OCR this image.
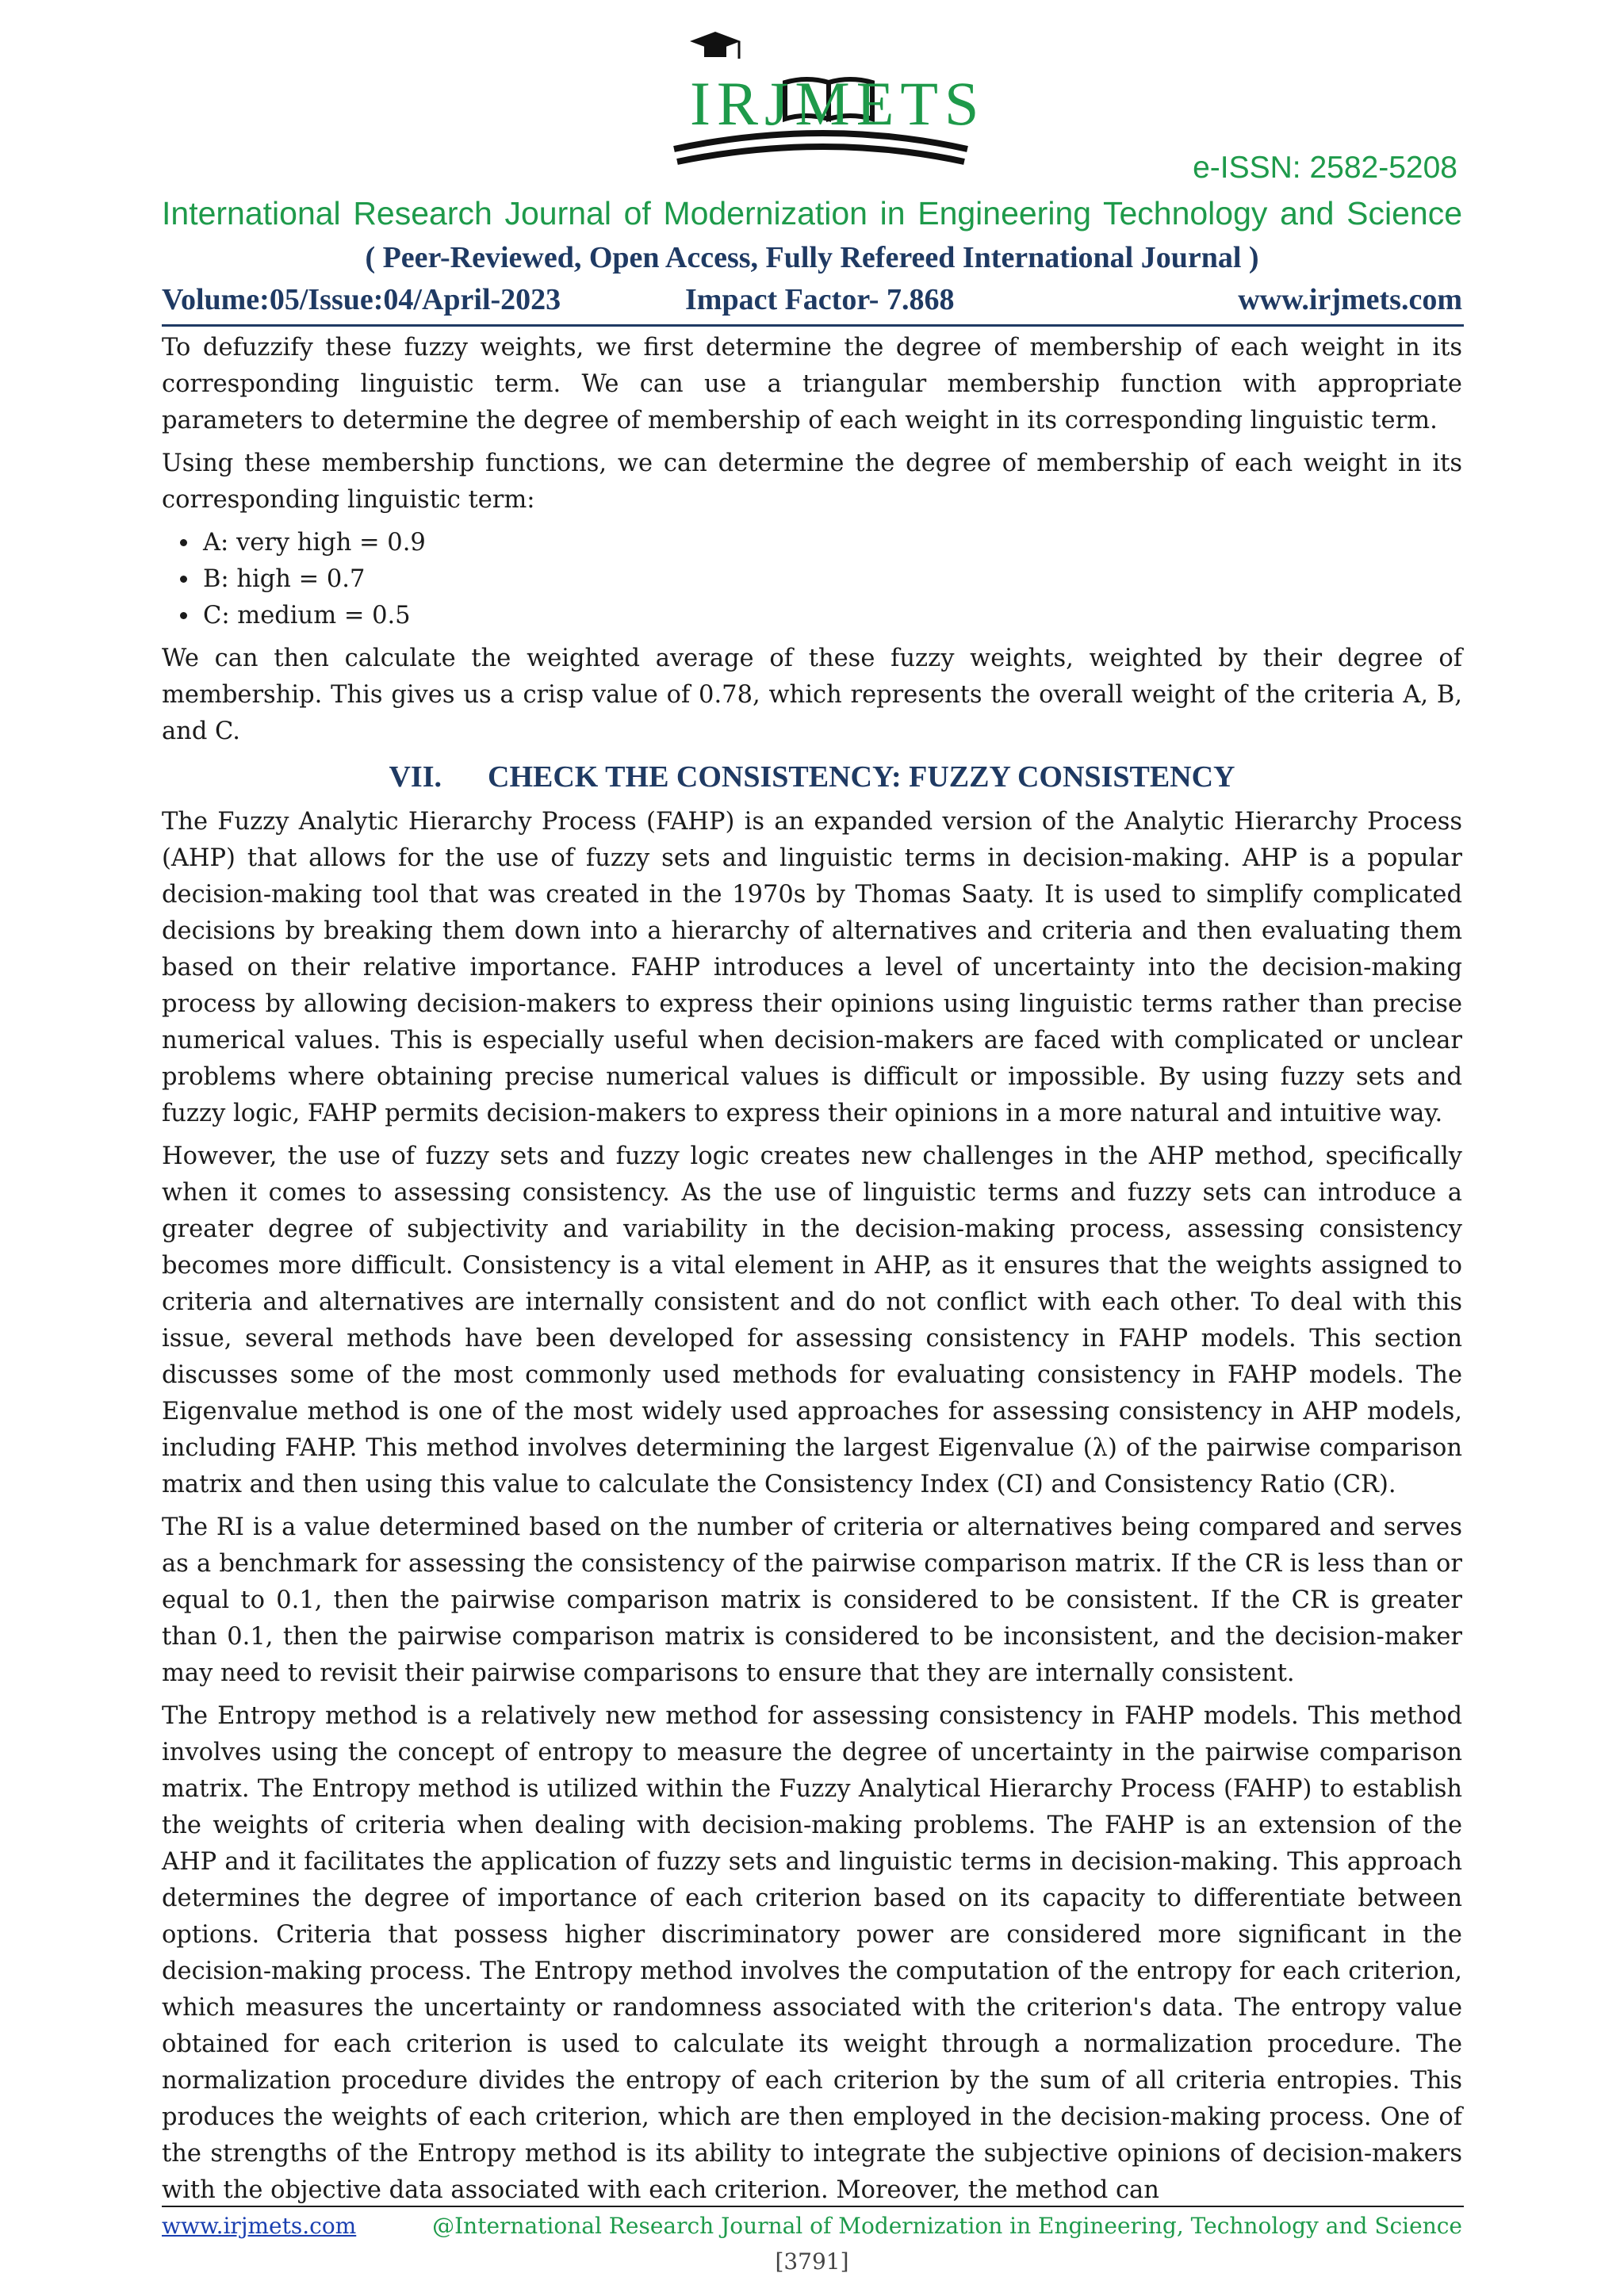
IRJMETS
e-ISSN: 2582-5208
International Research Journal of Modernization in Engineering Technology and Science
( Peer-Reviewed, Open Access, Fully Refereed International Journal )
Volume:05/Issue:04/April-2023	Impact Factor- 7.868	www.irjmets.com

To defuzzify these fuzzy weights, we first determine the degree of membership of each weight in its corresponding linguistic term. We can use a triangular membership function with appropriate parameters to determine the degree of membership of each weight in its corresponding linguistic term.

Using these membership functions, we can determine the degree of membership of each weight in its corresponding linguistic term:

• A: very high = 0.9
• B: high = 0.7
• C: medium = 0.5

We can then calculate the weighted average of these fuzzy weights, weighted by their degree of membership. This gives us a crisp value of 0.78, which represents the overall weight of the criteria A, B, and C.

VII. CHECK THE CONSISTENCY: FUZZY CONSISTENCY

The Fuzzy Analytic Hierarchy Process (FAHP) is an expanded version of the Analytic Hierarchy Process (AHP) that allows for the use of fuzzy sets and linguistic terms in decision-making. AHP is a popular decision-making tool that was created in the 1970s by Thomas Saaty. It is used to simplify complicated decisions by breaking them down into a hierarchy of alternatives and criteria and then evaluating them based on their relative importance. FAHP introduces a level of uncertainty into the decision-making process by allowing decision-makers to express their opinions using linguistic terms rather than precise numerical values. This is especially useful when decision-makers are faced with complicated or unclear problems where obtaining precise numerical values is difficult or impossible. By using fuzzy sets and fuzzy logic, FAHP permits decision-makers to express their opinions in a more natural and intuitive way.

However, the use of fuzzy sets and fuzzy logic creates new challenges in the AHP method, specifically when it comes to assessing consistency. As the use of linguistic terms and fuzzy sets can introduce a greater degree of subjectivity and variability in the decision-making process, assessing consistency becomes more difficult. Consistency is a vital element in AHP, as it ensures that the weights assigned to criteria and alternatives are internally consistent and do not conflict with each other. To deal with this issue, several methods have been developed for assessing consistency in FAHP models. This section discusses some of the most commonly used methods for evaluating consistency in FAHP models. The Eigenvalue method is one of the most widely used approaches for assessing consistency in AHP models, including FAHP. This method involves determining the largest Eigenvalue (λ) of the pairwise comparison matrix and then using this value to calculate the Consistency Index (CI) and Consistency Ratio (CR).

The RI is a value determined based on the number of criteria or alternatives being compared and serves as a benchmark for assessing the consistency of the pairwise comparison matrix. If the CR is less than or equal to 0.1, then the pairwise comparison matrix is considered to be consistent. If the CR is greater than 0.1, then the pairwise comparison matrix is considered to be inconsistent, and the decision-maker may need to revisit their pairwise comparisons to ensure that they are internally consistent.

The Entropy method is a relatively new method for assessing consistency in FAHP models. This method involves using the concept of entropy to measure the degree of uncertainty in the pairwise comparison matrix. The Entropy method is utilized within the Fuzzy Analytical Hierarchy Process (FAHP) to establish the weights of criteria when dealing with decision-making problems. The FAHP is an extension of the AHP and it facilitates the application of fuzzy sets and linguistic terms in decision-making. This approach determines the degree of importance of each criterion based on its capacity to differentiate between options. Criteria that possess higher discriminatory power are considered more significant in the decision-making process. The Entropy method involves the computation of the entropy for each criterion, which measures the uncertainty or randomness associated with the criterion's data. The entropy value obtained for each criterion is used to calculate its weight through a normalization procedure. The normalization procedure divides the entropy of each criterion by the sum of all criteria entropies. This produces the weights of each criterion, which are then employed in the decision-making process. One of the strengths of the Entropy method is its ability to integrate the subjective opinions of decision-makers with the objective data associated with each criterion. Moreover, the method can

www.irjmets.com	@International Research Journal of Modernization in Engineering, Technology and Science
[3791]
